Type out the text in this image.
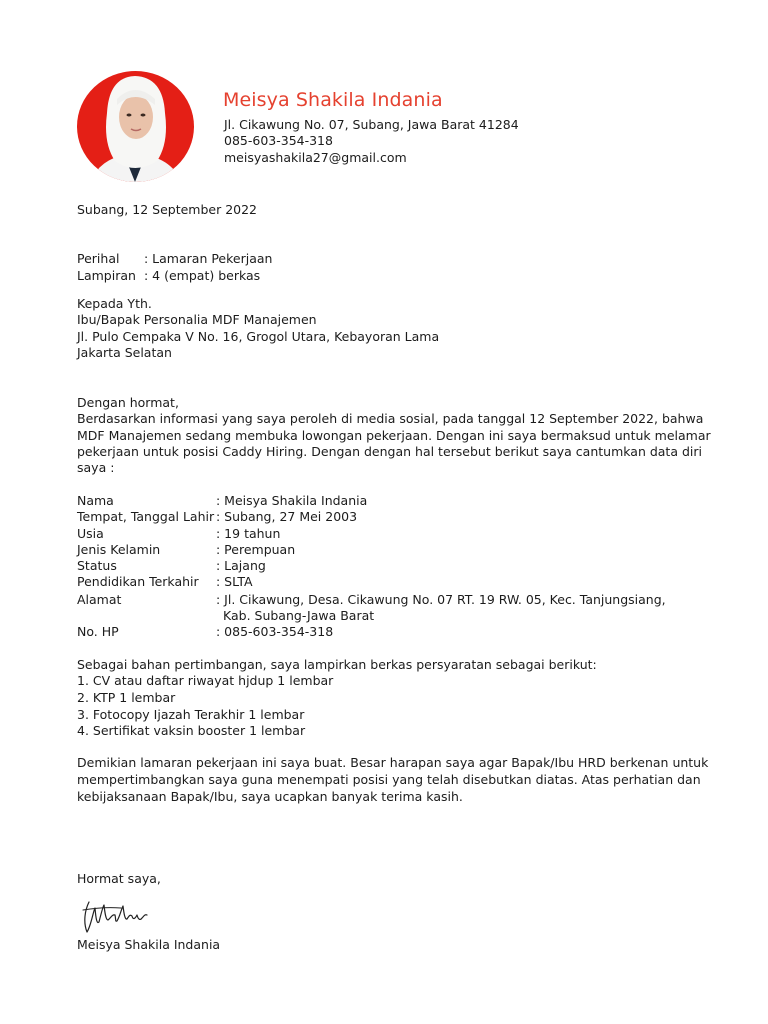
Meisya Shakila Indania
Jl. Cikawung No. 07, Subang, Jawa Barat 41284
085-603-354-318
meisyashakila27@gmail.com
Subang, 12 September 2022
Perihal : Lamaran Pekerjaan
Lampiran : 4 (empat) berkas
Kepada Yth.
Ibu/Bapak Personalia MDF Manajemen
Jl. Pulo Cempaka V No. 16, Grogol Utara, Kebayoran Lama
Jakarta Selatan
Dengan hormat,
Berdasarkan informasi yang saya peroleh di media sosial, pada tanggal 12 September 2022, bahwa
MDF Manajemen sedang membuka lowongan pekerjaan. Dengan ini saya bermaksud untuk melamar
pekerjaan untuk posisi Caddy Hiring. Dengan dengan hal tersebut berikut saya cantumkan data diri
saya :
Nama	: Meisya Shakila Indania
Tempat, Tanggal Lahir : Subang, 27 Mei 2003
Usia	: 19 tahun
Jenis Kelamin	: Perempuan
Status	: Lajang
Pendidikan Terkahir : SLTA
Alamat	: Jl. Cikawung, Desa. Cikawung No. 07 RT. 19 RW. 05, Kec. Tanjungsiang,
Kab. Subang-Jawa Barat
No. HP	: 085-603-354-318
Sebagai bahan pertimbangan, saya lampirkan berkas persyaratan sebagai berikut:
1. CV atau daftar riwayat hjdup 1 lembar
2. KTP 1 lembar
3. Fotocopy Ijazah Terakhir 1 lembar
4. Sertifikat vaksin booster 1 lembar
Demikian lamaran pekerjaan ini saya buat. Besar harapan saya agar Bapak/Ibu HRD berkenan untuk
mempertimbangkan saya guna menempati posisi yang telah disebutkan diatas. Atas perhatian dan
kebijaksanaan Bapak/Ibu, saya ucapkan banyak terima kasih.
Hormat saya,
Meisya Shakila Indania
